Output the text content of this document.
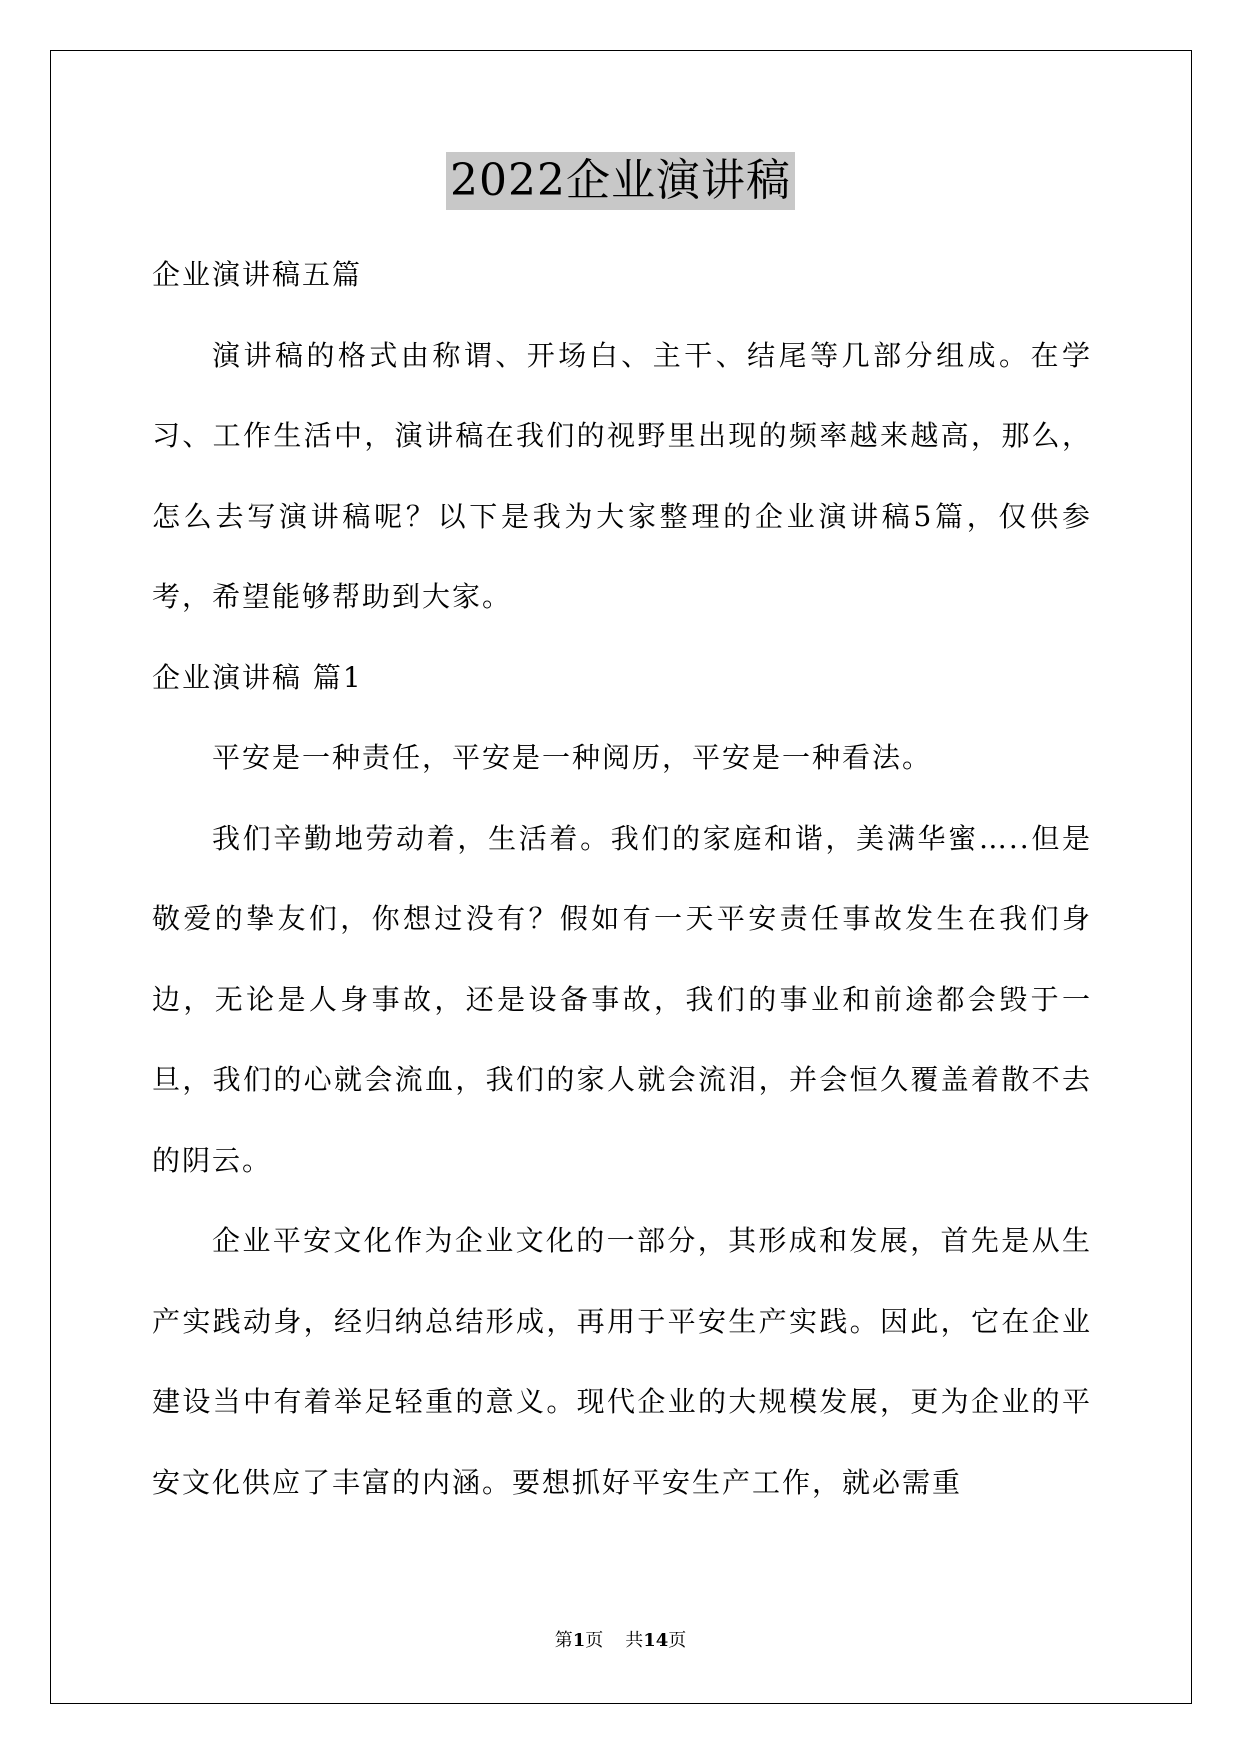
2022企业演讲稿

企业演讲稿五篇

演讲稿的格式由称谓、开场白、主干、结尾等几部分组成。在学习、工作生活中，演讲稿在我们的视野里出现的频率越来越高，那么，怎么去写演讲稿呢？以下是我为大家整理的企业演讲稿5篇，仅供参考，希望能够帮助到大家。

企业演讲稿 篇1

平安是一种责任，平安是一种阅历，平安是一种看法。

我们辛勤地劳动着，生活着。我们的家庭和谐，美满华蜜…..但是敬爱的挚友们，你想过没有？假如有一天平安责任事故发生在我们身边，无论是人身事故，还是设备事故，我们的事业和前途都会毁于一旦，我们的心就会流血，我们的家人就会流泪，并会恒久覆盖着散不去的阴云。

企业平安文化作为企业文化的一部分，其形成和发展，首先是从生产实践动身，经归纳总结形成，再用于平安生产实践。因此，它在企业建设当中有着举足轻重的意义。现代企业的大规模发展，更为企业的平安文化供应了丰富的内涵。要想抓好平安生产工作，就必需重

第1页 共14页
